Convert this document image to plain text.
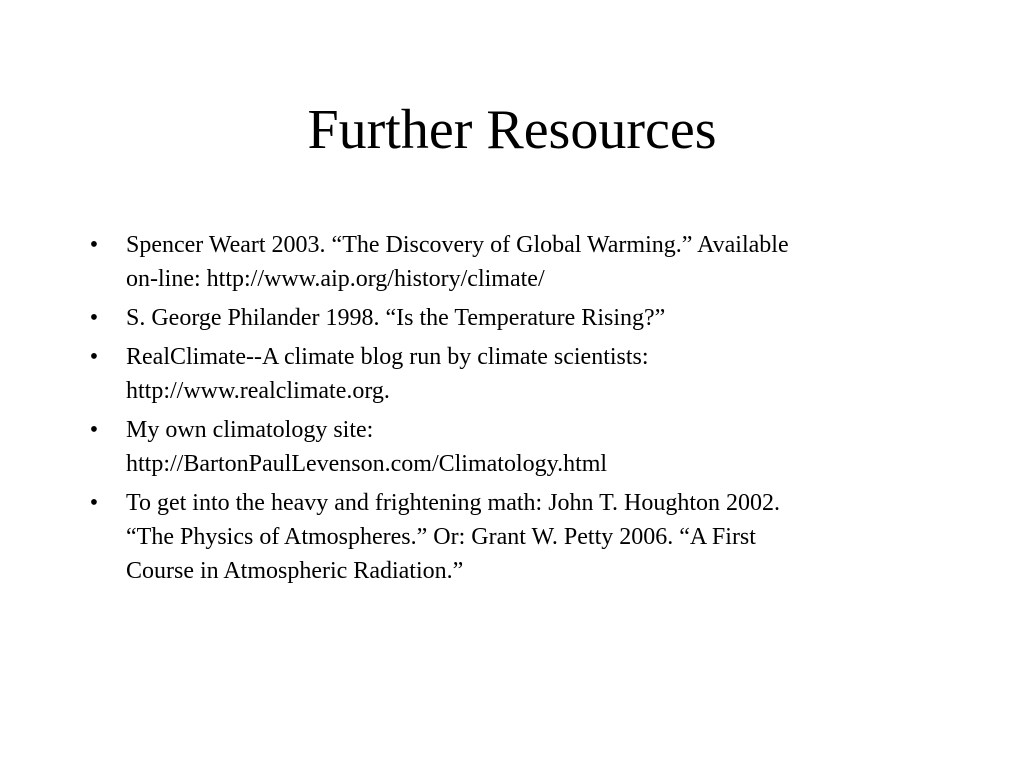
Further Resources
• Spencer Weart 2003. “The Discovery of Global Warming.” Available
on-line: http://www.aip.org/history/climate/
• S. George Philander 1998. “Is the Temperature Rising?”
• RealClimate--A climate blog run by climate scientists:
http://www.realclimate.org.
• My own climatology site:
http://BartonPaulLevenson.com/Climatology.html
• To get into the heavy and frightening math: John T. Houghton 2002.
“The Physics of Atmospheres.” Or: Grant W. Petty 2006. “A First
Course in Atmospheric Radiation.”
